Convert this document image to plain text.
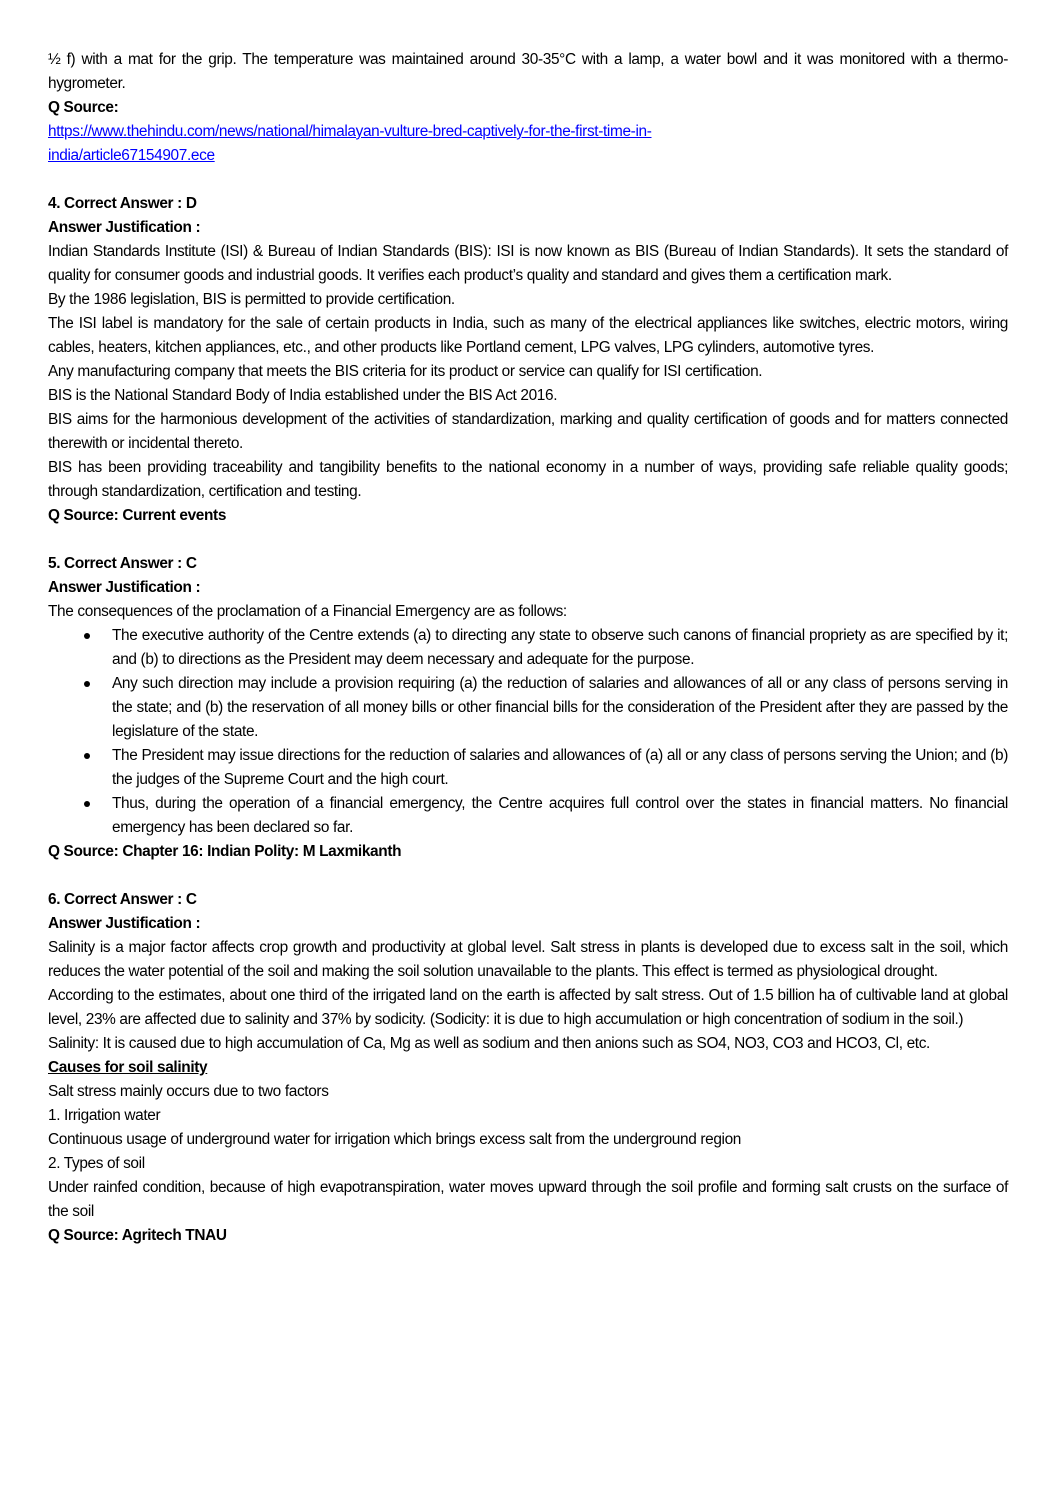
½ f) with a mat for the grip. The temperature was maintained around 30-35°C with a lamp, a water bowl and it was monitored with a thermo-hygrometer.

Q Source:

https://www.thehindu.com/news/national/himalayan-vulture-bred-captively-for-the-first-time-in-
india/article67154907.ece

4. Correct Answer : D

Answer Justification :

Indian Standards Institute (ISI) & Bureau of Indian Standards (BIS): ISI is now known as BIS (Bureau of Indian Standards). It sets the standard of quality for consumer goods and industrial goods. It verifies each product’s quality and standard and gives them a certification mark.

By the 1986 legislation, BIS is permitted to provide certification.

The ISI label is mandatory for the sale of certain products in India, such as many of the electrical appliances like switches, electric motors, wiring cables, heaters, kitchen appliances, etc., and other products like Portland cement, LPG valves, LPG cylinders, automotive tyres.

Any manufacturing company that meets the BIS criteria for its product or service can qualify for ISI certification.

BIS is the National Standard Body of India established under the BIS Act 2016.

BIS aims for the harmonious development of the activities of standardization, marking and quality certification of goods and for matters connected therewith or incidental thereto.

BIS has been providing traceability and tangibility benefits to the national economy in a number of ways, providing safe reliable quality goods; through standardization, certification and testing.

Q Source: Current events

5. Correct Answer : C

Answer Justification :

The consequences of the proclamation of a Financial Emergency are as follows:

The executive authority of the Centre extends (a) to directing any state to observe such canons of financial propriety as are specified by it; and (b) to directions as the President may deem necessary and adequate for the purpose.
Any such direction may include a provision requiring (a) the reduction of salaries and allowances of all or any class of persons serving in the state; and (b) the reservation of all money bills or other financial bills for the consideration of the President after they are passed by the legislature of the state.
The President may issue directions for the reduction of salaries and allowances of (a) all or any class of persons serving the Union; and (b) the judges of the Supreme Court and the high court.
Thus, during the operation of a financial emergency, the Centre acquires full control over the states in financial matters. No financial emergency has been declared so far.

Q Source: Chapter 16: Indian Polity: M Laxmikanth

6. Correct Answer : C

Answer Justification :

Salinity is a major factor affects crop growth and productivity at global level. Salt stress in plants is developed due to excess salt in the soil, which reduces the water potential of the soil and making the soil solution unavailable to the plants. This effect is termed as physiological drought.

According to the estimates, about one third of the irrigated land on the earth is affected by salt stress. Out of 1.5 billion ha of cultivable land at global level, 23% are affected due to salinity and 37% by sodicity. (Sodicity: it is due to high accumulation or high concentration of sodium in the soil.)

Salinity: It is caused due to high accumulation of Ca, Mg as well as sodium and then anions such as SO4, NO3, CO3 and HCO3, Cl, etc.

Causes for soil salinity

Salt stress mainly occurs due to two factors

1. Irrigation water

Continuous usage of underground water for irrigation which brings excess salt from the underground region

2. Types of soil

Under rainfed condition, because of high evapotranspiration, water moves upward through the soil profile and forming salt crusts on the surface of the soil

Q Source: Agritech TNAU
